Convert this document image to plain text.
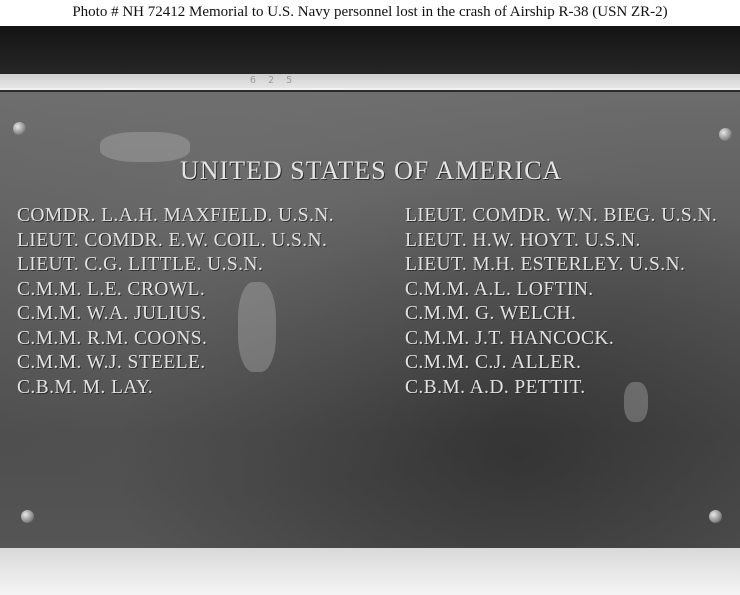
Photo # NH 72412 Memorial to U.S. Navy personnel lost in the crash of Airship R-38 (USN ZR-2)
6 2 5
UNITED STATES OF AMERICA
COMDR. L.A.H. MAXFIELD. U.S.N.
LIEUT. COMDR. E.W. COIL. U.S.N.
LIEUT. C.G. LITTLE. U.S.N.
C.M.M. L.E. CROWL.
C.M.M. W.A. JULIUS.
C.M.M. R.M. COONS.
C.M.M. W.J. STEELE.
C.B.M. M. LAY.
LIEUT. COMDR. W.N. BIEG. U.S.N.
LIEUT. H.W. HOYT. U.S.N.
LIEUT. M.H. ESTERLEY. U.S.N.
C.M.M. A.L. LOFTIN.
C.M.M. G. WELCH.
C.M.M. J.T. HANCOCK.
C.M.M. C.J. ALLER.
C.B.M. A.D. PETTIT.
